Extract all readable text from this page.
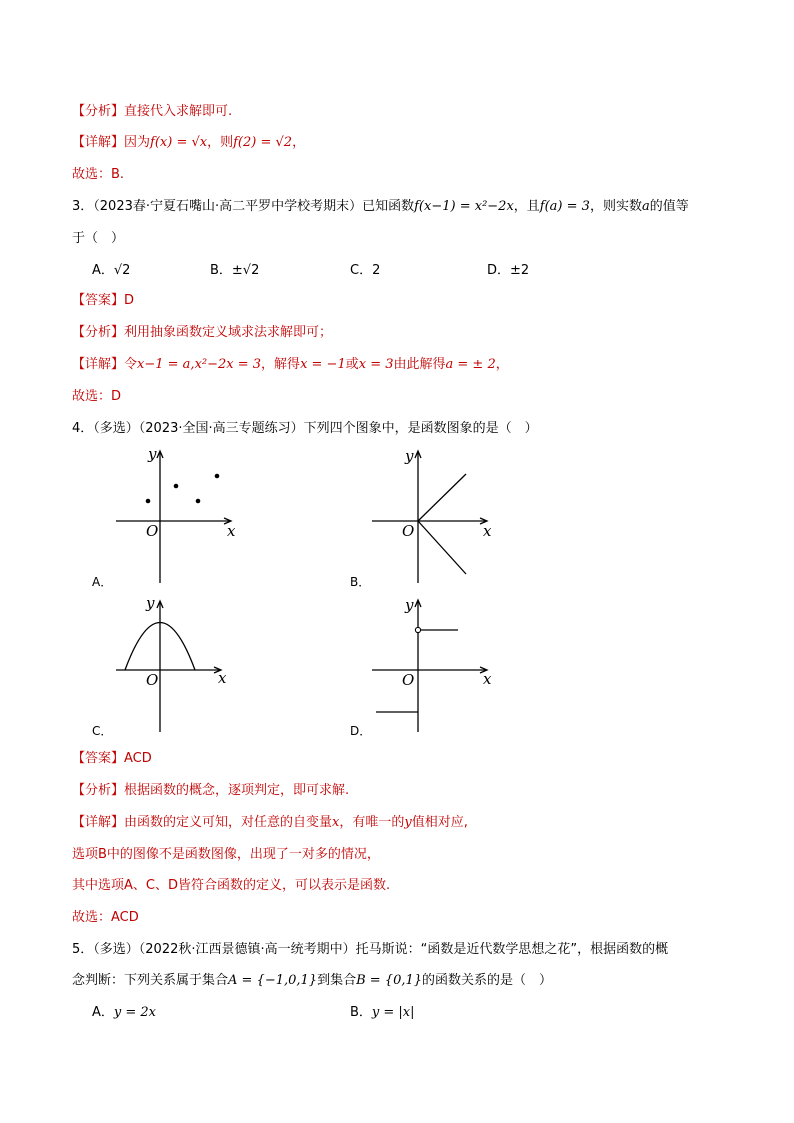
【分析】直接代入求解即可.
【详解】因为f(x) = √x，则f(2) = √2，
故选：B.
3．（2023春·宁夏石嘴山·高二平罗中学校考期末）已知函数f(x−1) = x²−2x，且f(a) = 3，则实数a的值等
于（　）
A．√2	B．±√2	C．2	D．±2
【答案】D
【分析】利用抽象函数定义域求法求解即可；
【详解】令x−1 = a,x²−2x = 3，解得x = −1或x = 3由此解得a = ± 2，
故选：D
4．（多选）（2023·全国·高三专题练习）下列四个图象中，是函数图象的是（　）
x
y
O
A．
x
y
O
B．
x
y
O
C．
x
y
O
D．
【答案】ACD
【分析】根据函数的概念，逐项判定，即可求解.
【详解】由函数的定义可知，对任意的自变量x，有唯一的y值相对应,
选项B中的图像不是函数图像，出现了一对多的情况，
其中选项A、C、D皆符合函数的定义，可以表示是函数.
故选：ACD
5．（多选）（2022秋·江西景德镇·高一统考期中）托马斯说：“函数是近代数学思想之花”，根据函数的概
念判断：下列关系属于集合A = {−1,0,1}到集合B = {0,1}的函数关系的是（　）
A．y = 2x	B．y = |x|
